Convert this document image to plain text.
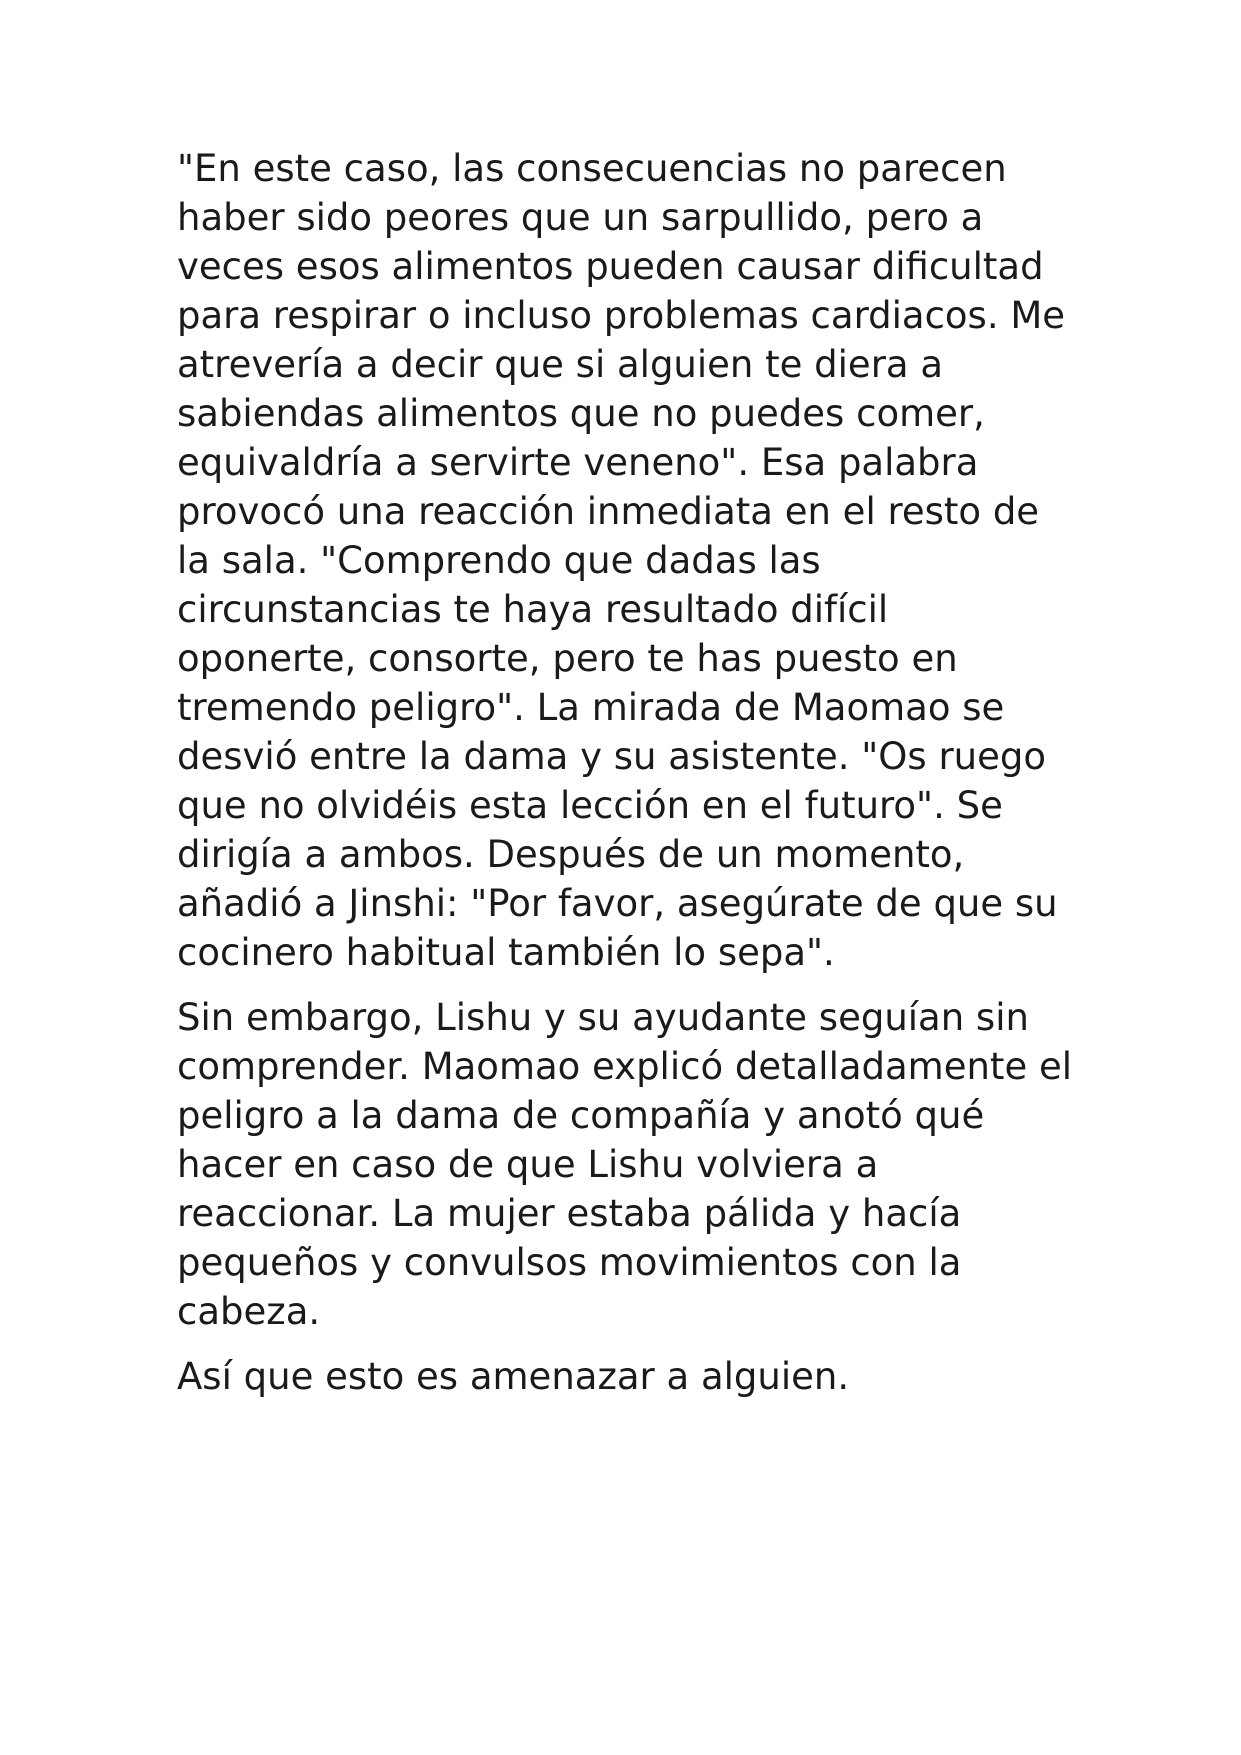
"En este caso, las consecuencias no parecen haber sido peores que un sarpullido, pero a veces esos alimentos pueden causar dificultad para respirar o incluso problemas cardiacos. Me atrevería a decir que si alguien te diera a sabiendas alimentos que no puedes comer, equivaldría a servirte veneno". Esa palabra provocó una reacción inmediata en el resto de la sala. "Comprendo que dadas las circunstancias te haya resultado difícil oponerte, consorte, pero te has puesto en tremendo peligro". La mirada de Maomao se desvió entre la dama y su asistente. "Os ruego que no olvidéis esta lección en el futuro". Se dirigía a ambos. Después de un momento, añadió a Jinshi: "Por favor, asegúrate de que su cocinero habitual también lo sepa".

Sin embargo, Lishu y su ayudante seguían sin comprender. Maomao explicó detalladamente el peligro a la dama de compañía y anotó qué hacer en caso de que Lishu volviera a reaccionar. La mujer estaba pálida y hacía pequeños y convulsos movimientos con la cabeza.

Así que esto es amenazar a alguien.
